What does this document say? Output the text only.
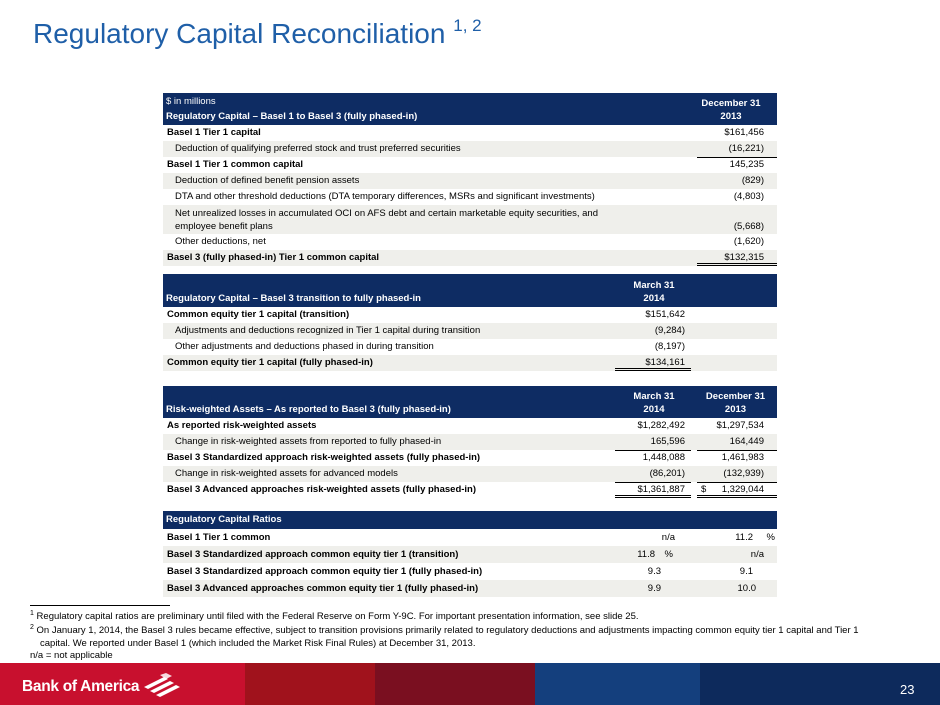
Regulatory Capital Reconciliation $^{1, 2}$
$ in millions
Regulatory Capital – Basel 1 to Basel 3 (fully phased-in)
December 31
2013
Basel 1 Tier 1 capital	$161,456
Deduction of qualifying preferred stock and trust preferred securities	(16,221)
Basel 1 Tier 1 common capital	145,235
Deduction of defined benefit pension assets	(829)
DTA and other threshold deductions (DTA temporary differences, MSRs and significant investments)	(4,803)
Net unrealized losses in accumulated OCI on AFS debt and certain marketable equity securities, and
employee benefit plans	(5,668)
Other deductions, net	(1,620)
Basel 3 (fully phased-in) Tier 1 common capital	$132,315
Regulatory Capital – Basel 3 transition to fully phased-in
March 31
2014
Common equity tier 1 capital (transition)	$151,642
Adjustments and deductions recognized in Tier 1 capital during transition	(9,284)
Other adjustments and deductions phased in during transition	(8,197)
Common equity tier 1 capital (fully phased-in)	$134,161
Risk-weighted Assets – As reported to Basel 3 (fully phased-in)
March 31
2014
December 31
2013
As reported risk-weighted assets	$1,282,492	$1,297,534
Change in risk-weighted assets from reported to fully phased-in	165,596	164,449
Basel 3 Standardized approach risk-weighted assets (fully phased-in)	1,448,088	1,461,983
Change in risk-weighted assets for advanced models	(86,201)	(132,939)
Basel 3 Advanced approaches risk-weighted assets (fully phased-in)	$1,361,887	$ 1,329,044
Regulatory Capital Ratios
Basel 1 Tier 1 common	n/a	11.2 %
Basel 3 Standardized approach common equity tier 1 (transition)	11.8 %	n/a
Basel 3 Standardized approach common equity tier 1 (fully phased-in)	9.3	9.1
Basel 3 Advanced approaches common equity tier 1 (fully phased-in)	9.9	10.0
$^1$ Regulatory capital ratios are preliminary until filed with the Federal Reserve on Form Y-9C. For important presentation information, see slide 25.
$^2$ On January 1, 2014, the Basel 3 rules became effective, subject to transition provisions primarily related to regulatory deductions and adjustments impacting common equity tier 1 capital and Tier 1
capital. We reported under Basel 1 (which included the Market Risk Final Rules) at December 31, 2013.
n/a = not applicable
Bank of America	23
